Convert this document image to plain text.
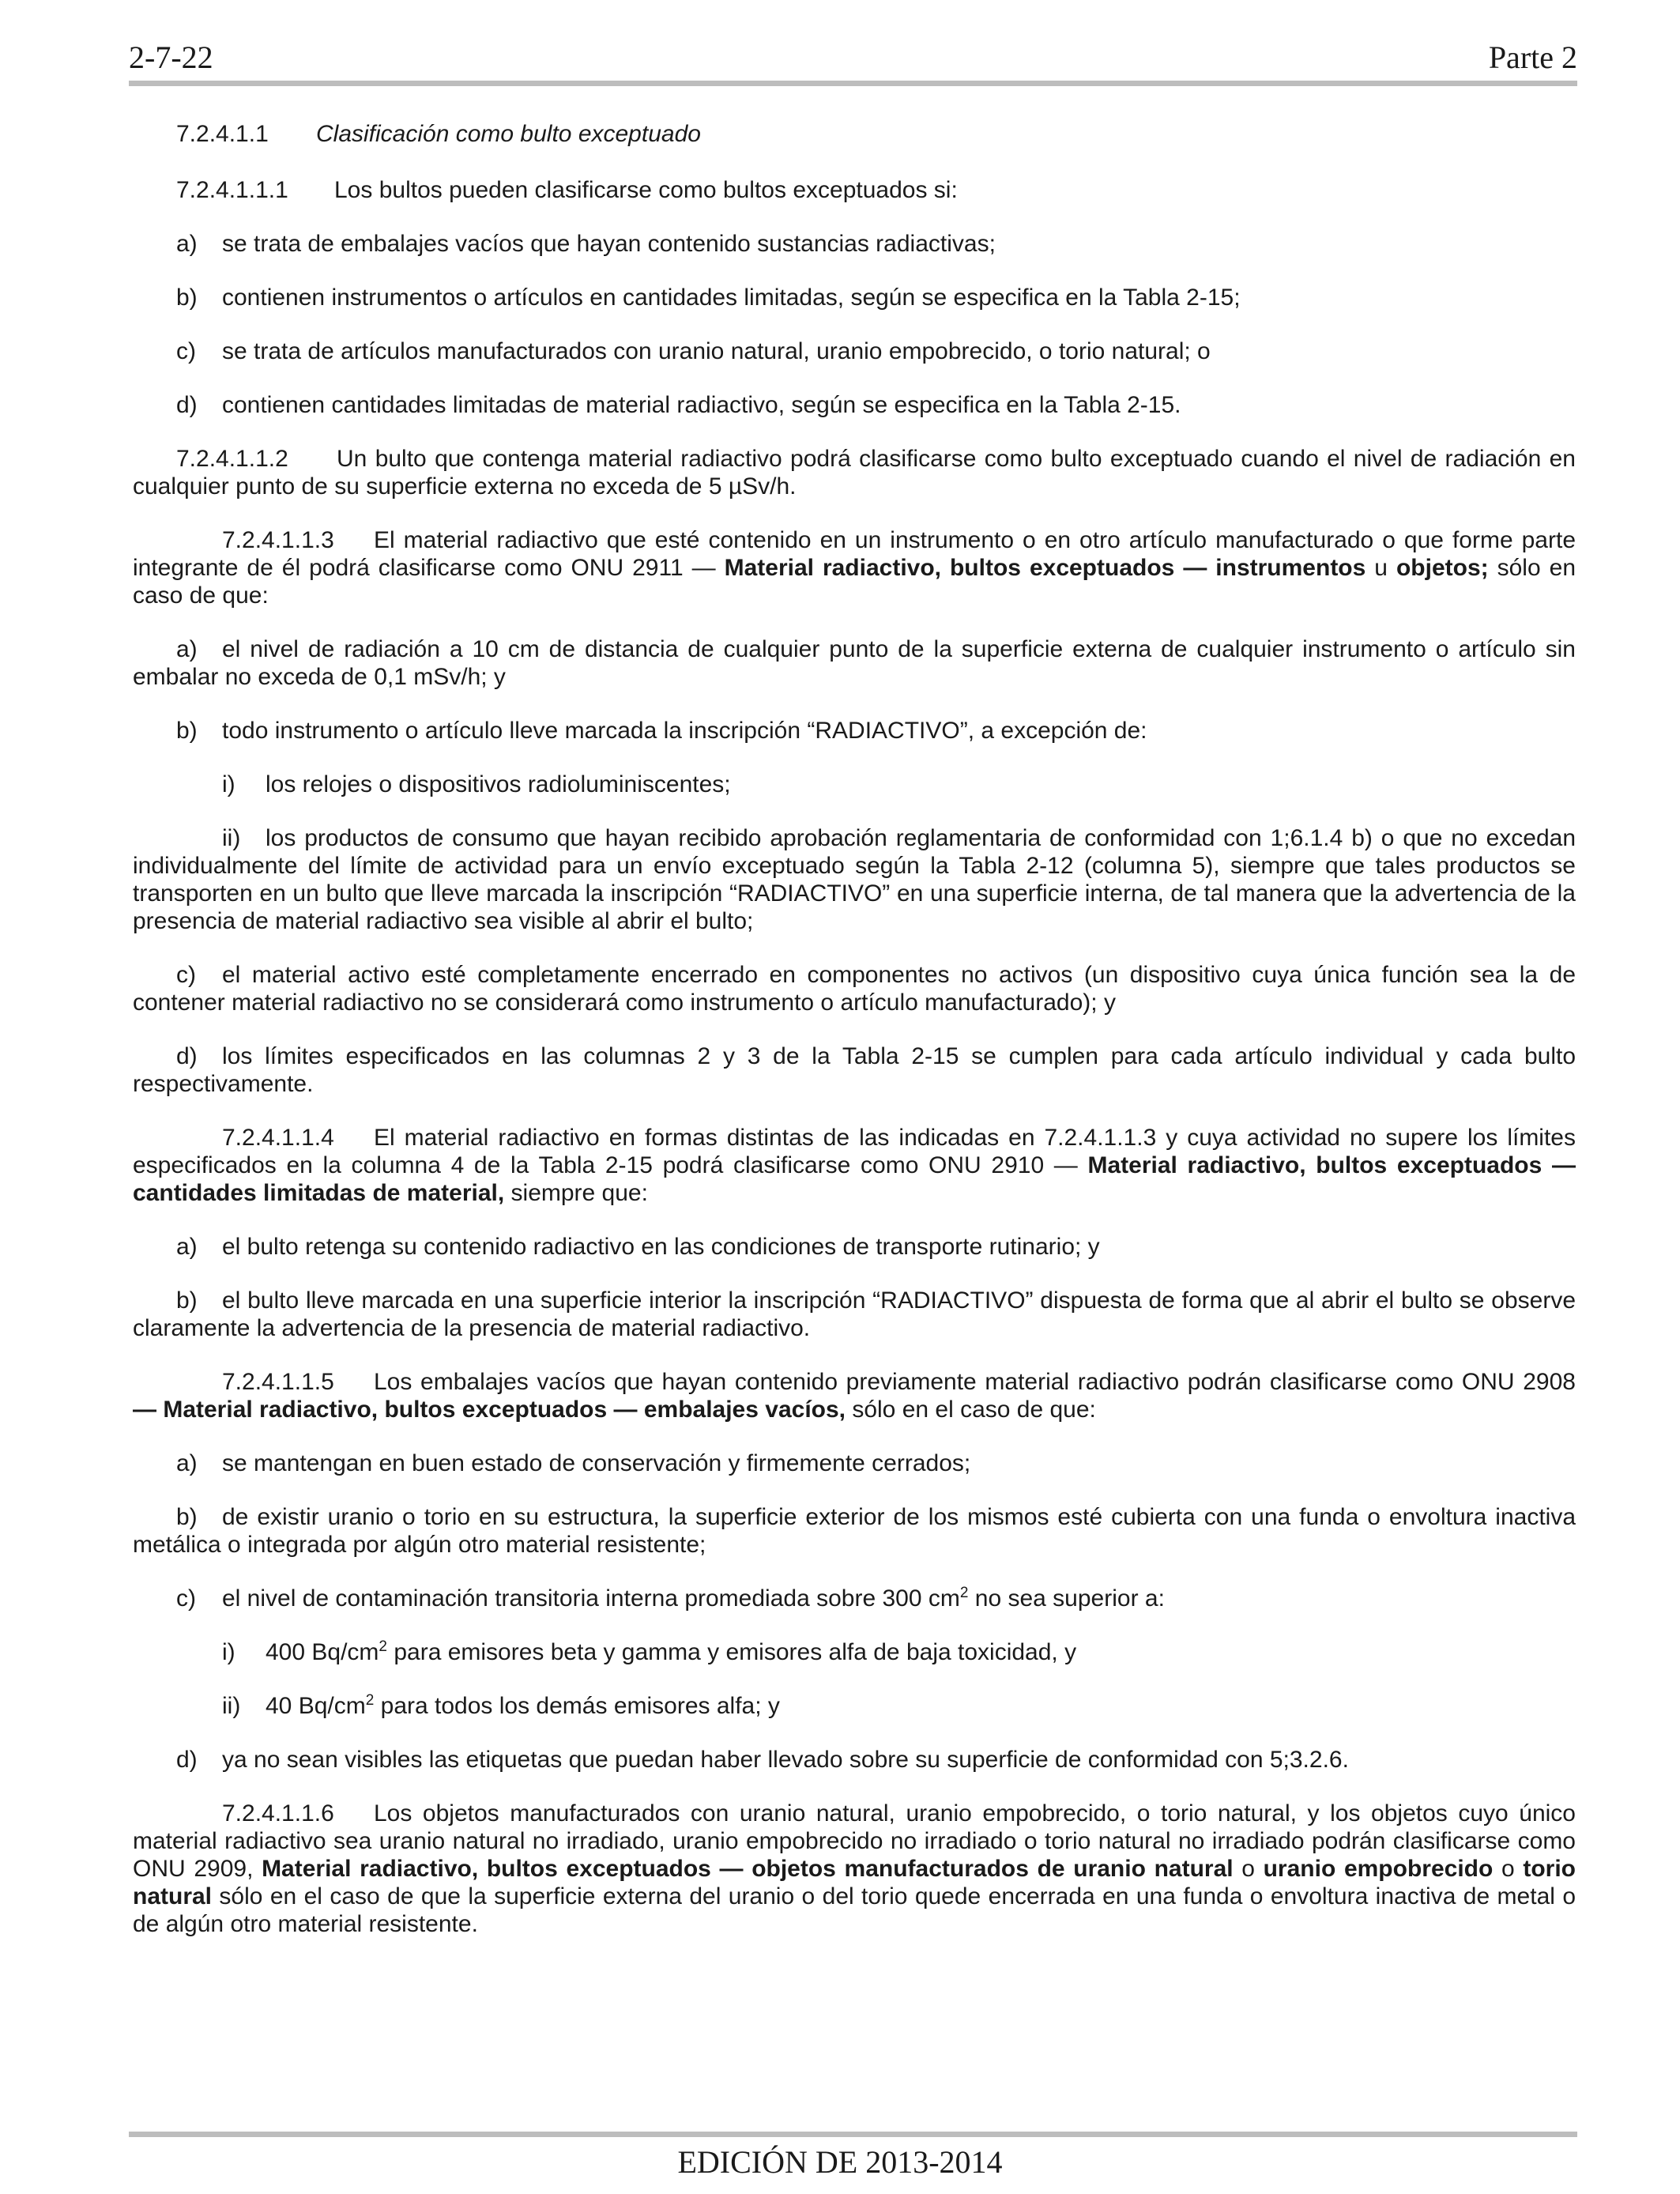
2-7-22	Parte 2

7.2.4.1.1 Clasificación como bulto exceptuado

7.2.4.1.1.1 Los bultos pueden clasificarse como bultos exceptuados si:

a) se trata de embalajes vacíos que hayan contenido sustancias radiactivas;

b) contienen instrumentos o artículos en cantidades limitadas, según se especifica en la Tabla 2-15;

c) se trata de artículos manufacturados con uranio natural, uranio empobrecido, o torio natural; o

d) contienen cantidades limitadas de material radiactivo, según se especifica en la Tabla 2-15.

7.2.4.1.1.2 Un bulto que contenga material radiactivo podrá clasificarse como bulto exceptuado cuando el nivel de radiación en cualquier punto de su superficie externa no exceda de 5 µSv/h.

7.2.4.1.1.3 El material radiactivo que esté contenido en un instrumento o en otro artículo manufacturado o que forme parte integrante de él podrá clasificarse como ONU 2911 — Material radiactivo, bultos exceptuados — instrumentos u objetos; sólo en caso de que:

a) el nivel de radiación a 10 cm de distancia de cualquier punto de la superficie externa de cualquier instrumento o artículo sin embalar no exceda de 0,1 mSv/h; y

b) todo instrumento o artículo lleve marcada la inscripción “RADIACTIVO”, a excepción de:

i) los relojes o dispositivos radioluminiscentes;

ii) los productos de consumo que hayan recibido aprobación reglamentaria de conformidad con 1;6.1.4 b) o que no excedan individualmente del límite de actividad para un envío exceptuado según la Tabla 2-12 (columna 5), siempre que tales productos se transporten en un bulto que lleve marcada la inscripción “RADIACTIVO” en una superficie interna, de tal manera que la advertencia de la presencia de material radiactivo sea visible al abrir el bulto;

c) el material activo esté completamente encerrado en componentes no activos (un dispositivo cuya única función sea la de contener material radiactivo no se considerará como instrumento o artículo manufacturado); y

d) los límites especificados en las columnas 2 y 3 de la Tabla 2-15 se cumplen para cada artículo individual y cada bulto respectivamente.

7.2.4.1.1.4 El material radiactivo en formas distintas de las indicadas en 7.2.4.1.1.3 y cuya actividad no supere los límites especificados en la columna 4 de la Tabla 2-15 podrá clasificarse como ONU 2910 — Material radiactivo, bultos exceptuados — cantidades limitadas de material, siempre que:

a) el bulto retenga su contenido radiactivo en las condiciones de transporte rutinario; y

b) el bulto lleve marcada en una superficie interior la inscripción “RADIACTIVO” dispuesta de forma que al abrir el bulto se observe claramente la advertencia de la presencia de material radiactivo.

7.2.4.1.1.5 Los embalajes vacíos que hayan contenido previamente material radiactivo podrán clasificarse como ONU 2908 — Material radiactivo, bultos exceptuados — embalajes vacíos, sólo en el caso de que:

a) se mantengan en buen estado de conservación y firmemente cerrados;

b) de existir uranio o torio en su estructura, la superficie exterior de los mismos esté cubierta con una funda o envoltura inactiva metálica o integrada por algún otro material resistente;

c) el nivel de contaminación transitoria interna promediada sobre 300 $cm^2$ no sea superior a:

i) 400 $Bq/cm^2$ para emisores beta y gamma y emisores alfa de baja toxicidad, y

ii) 40 $Bq/cm^2$ para todos los demás emisores alfa; y

d) ya no sean visibles las etiquetas que puedan haber llevado sobre su superficie de conformidad con 5;3.2.6.

7.2.4.1.1.6 Los objetos manufacturados con uranio natural, uranio empobrecido, o torio natural, y los objetos cuyo único material radiactivo sea uranio natural no irradiado, uranio empobrecido no irradiado o torio natural no irradiado podrán clasificarse como ONU 2909, Material radiactivo, bultos exceptuados — objetos manufacturados de uranio natural o uranio empobrecido o torio natural sólo en el caso de que la superficie externa del uranio o del torio quede encerrada en una funda o envoltura inactiva de metal o de algún otro material resistente.

EDICIÓN DE 2013-2014
